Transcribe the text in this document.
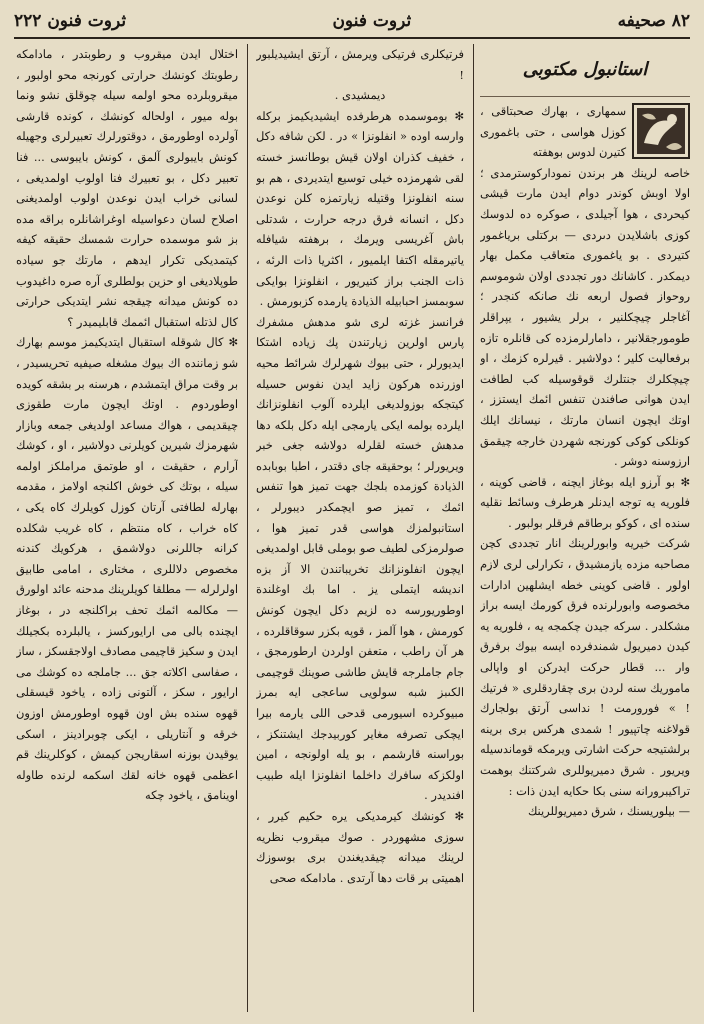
۸۲ صحیفه
ثروت فنون
ثروت فنون ۲۲۲
استانبول مكتوبی

سمهاری ، بهارك صحبتاقى ، كوزل هواسى ، حتى باغمورى كتيرن لدوس بوهفته

خاصه لرينك هر برندن نموداركوسترمدى ؛ اولا اوبش كوندر دوام ايدن مارت قيشى كيحردى ، هوا آجيلدى ، صوكره ده لدوسك كوزى باشلايدن دىردى — بركتلى برياغمور كتيردى . بو ياغمورى متعاقب مكمل بهار ديمكدر . كاشانك دور تجددى اولان شوموسم روحواز فصول اربعه نك صانكه كنجدر ؛ آغاجلر چيچكلنير ، برلر يشيور ، يپراقلر طومورجقلانير ، دامارلرمزده كى قانلره تازه برفعاليت كلير ؛ دولاشير . قيرلره كزمك ، او چيچكلرك جنتلرك قوقوسيله كب لطافت ايدن هوانى صافندن تنفس ائمك ايستزز ، اوتك ايچون انسان مارتك ، نيسانك ايلك كونلكى كوكى كورنجه شهردن خارجه چيقمق ارزوسنه دوشر .

✻ بو آرزو ايله بوغاز ايچنه ، قاضى كوينه ، فلوريه يه توجه ايدنلر هرطرف وسائط نقليه سنده اى ، كوكو برطاقم فرقلر بولبور .

شركت خيريه وابورلرينك انار تجددى كچن مصاحبه مزده يازمشيدق ، تكرارلى لرى لازم اولور . قاضى كوينى خطه ايشلهين ادارات مخصوصه وابورلرنده فرق كورمك ايسه براز مشكلدر . سركه جيدن چكمجه يه ، فلوريه يه كيدن دميريول شمندفرده ايسه بيوك برفرق وار ... قطار حركت ايدركن او واپالى ماموريك سنه لردن برى چقاردقلرى « فرتيك ! » فورورمت ! نداسى آرتق بولجارك قولاغنه چاتپيور ! شمدى هركس برى برينه برلشتيجه حركت اشارتى ويرمكه قوماندسيله ويريور . شرق دميريوللرى شركتنك بوهمت تراكيبرورانه سنى بكا حكايه ايدن ذات :

— بيلوريسنك ، شرق دميريوللرينك

فرتيكلرى فرتيكى ويرمش ، آرتق ايشيديلبور !

ديمشيدى .

✻ بوموسمده هرطرفده ايشيديكيمز بركله وارسه اوده « انفلونزا » در . لكن شافه دكل ، خفيف كذران اولان قيش بوطانسز خسته لقى شهرمزده خيلى توسيع ايتديردى ، هم بو سنه انفلونزا وقتيله زيارتمزه كلن نوعدن دكل ، انسانه فرق درجه حرارت ، شدتلى باش آغريسى ويرمك ، برهفته شيافله ياتيرمقله اكتفا ايلميور ، اكثريا ذات الرئه ، ذات الجنب براز كتيريور ، انفلونزا بوايكى سوبمسز احبابيله الذيادة يارمده كزبورمش .

فرانسز غزته لرى شو مدهش مشفرك پارس اولرين زيارتندن پك زياده اشتكا ايديورلر ، حتى بيوك شهرلرك شرائط محيه اوزرنده هركون زايد ايدن نفوس حسيله كيتجكه بوزولديغى ايلرده آلوب انفلونزانك ايلرده بولمه ايكى يارمجى ايله دكل بلكه دها مدهش خسته لقلرله دولاشه جغى خبر ويريورلر ؛ بوحقيقه جاى دقتدر ، اطبا بوبابده الذيادة كوزمده بلجك جهت تميز هوا تنفس ائمك ، تميز صو ايچمكدر ديبورلر ، استانبولمزك هواسى قدر تميز هوا ، صولرمزكى لطيف صو بوملى قابل اولمديغى ايچون انفلونزانك تخريباتندن الا آز بزه انديشه ايتملى يز . اما بك اوغلندة اوطوريورسه ده لزيم دكل ايچون كونش كورمش ، هوا آلمز ، قوپه بكزر سوقاقلرده ، هر آن راطب ، متعفن اولردن ارطورمجق ، جام جاملرجه قايش طاشى صوينك قوچيمى الكىبز شبه سولويى ساعجى ايه بمرز مبيوكرده اسيورمى قدحى اللى يارمه بيرا ايچكى تصرفه مغاير كوربيدجك ايشتنكز ، بوراسنه قارشمم ، بو يله اولونجه ، امين اولكزكه سافرك داخلما انفلونزا ايله طبيب افنديدر .

✻ كونشك كيرمديكى يره حكيم كيرر ، سوزى مشهوردر . صوك ميقروب نظريه لرينك ميدانه چيقديغندن برى بوسوزك اهميتى بر قات دها آرتدى . مادامكه صحى

اختلال ايدن ميقروب و رطوبتدر ، مادامكه رطوبتك كونشك حرارتى كورنجه محو اولبور ، ميقروبلرده محو اولمه سيله چوقلق نشو ونما بوله ميور ، اولحاله كونشك ، كونده قارشى آولرده اوطورمق ، دوقتورلرك تعبيرلرى وجهيله كونش بايبولرى آلمق ، كونش بايبوسى ... فنا تعبير دكل ، بو تعبيرك فنا اولوب اولمديغى ، لسانى خراب ايدن نوعدن اولوب اولمديغنى اصلاح لسان دعواسيله اوغراشانلره براقه مده بز شو موسمده حرارت شمسك حقيقه كيفه كيتمديكى تكرار ايدهم ، مارتك جو سياده طوپلاديغى او حزين بولطلرى آره صره داغيدوب ده كونش ميدانه چيقجه نشر ايتديكى حرارتى كال لذتله استقبال ائممك قابليميدر ؟

✻ كال شوقله استقبال ايتديكيمز موسم بهارك شو زماننده اك بيوك مشغله صيفيه تحريسيدر ، بر وقت مراق ايتمشدم ، هرسنه بر بشقه كويده اوطوردوم . اوتك ايچون مارت طقوزى چيقديمى ، هواك مساعد اولديغى جمعه وبازار شهرمزك شيرين كويلرنى دولاشير ، او ، كوشك آرارم ، حقيقت ، او طوتمق مراملكز اولمه سيله ، بوتك كى خوش اكلنجه اولامز ، مقدمه بهارله لطافتى آرتان كوزل كويلرك كاه يكى ، كاه خراب ، كاه منتظم ، كاه غريب شكلده كرانه جاللرنى دولاشمق ، هركويك كندنه مخصوص دلاللرى ، مختارى ، امامى طابيق اولرلرله — مطلقا كويلرينك مدحنه عائد اولورق — مكالمه ائمك تحف براكلنجه در ، بوغاز ايچنده بالى مى ارايوركسز ، يالبلرده بكجيلك ايدن و سكيز قاچيمى مصادف اولاجقسكز ، ساز ، صفاسى اكلاته جق ... جاملجه ده كوشك مى ارايور ، سكز ، آلتونى زاده ، ياخود قيسقلى قهوه سنده بش اون قهوه اوطورمش اوزون خرقه و آنتاريلى ، ايكى چوبرادينز ، اسكى يوقيدن بوزنه اسقاريجن كيمش ، كوكلرينك قم اعظمى قهوه خانه لقك اسكمه لرنده طاوله اوينامق ، ياخود چكه
